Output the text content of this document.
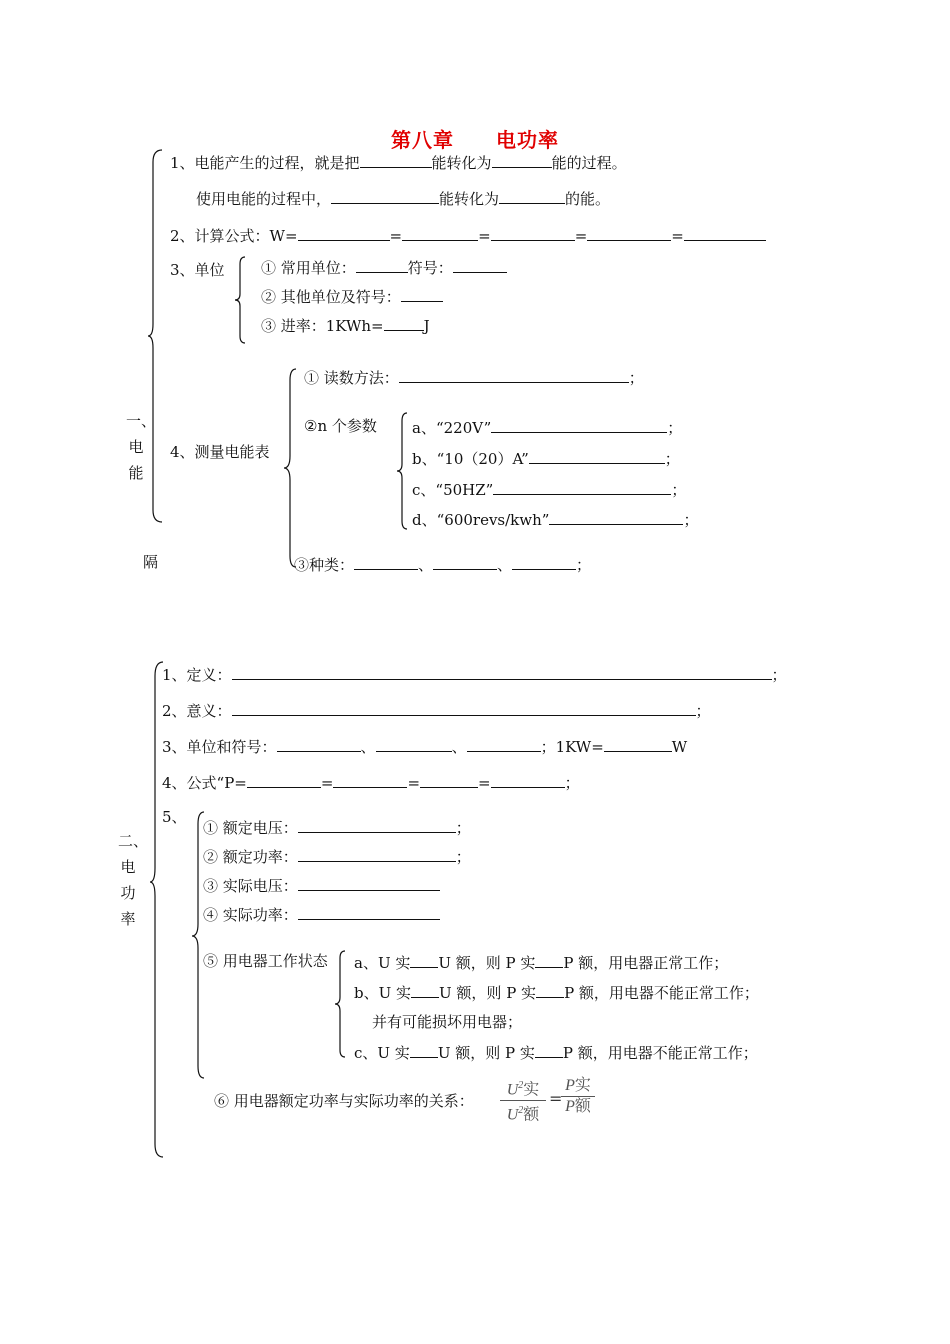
第八章　　电功率
一、
电
能
隔
1、电能产生的过程，就是把	能转化为	能的过程。
使用电能的过程中，	能转化为	的能。
2、计算公式：W=	=	=	=	=
3、单位 ① 常用单位：	符号：
② 其他单位及符号：
③ 进率：1KWh=	J
4、测量电能表
① 读数方法：	；
②n 个参数 a、“220V”	；
b、“10（20）A”	；
c、“50HZ”	；
d、“600revs/kwh”	；
③种类：	、	、	；
二、
电
功
率
1、定义：	；
2、意义：	；
3、单位和符号：	、	、	；1KW=	W
4、公式“P=	=	=	=	；
5、
① 额定电压：	；
② 额定功率：	；
③ 实际电压：
④ 实际功率：
⑤ 用电器工作状态 a、U 实 U 额，则 P 实 P 额，用电器正常工作；
b、U 实 U 额，则 P 实 P 额，用电器不能正常工作；
并有可能损坏用电器；
c、U 实 U 额，则 P 实 P 额，用电器不能正常工作；
⑥ 用电器额定功率与实际功率的关系：
$U^2$实
$U^2$额
=
P实
P额
